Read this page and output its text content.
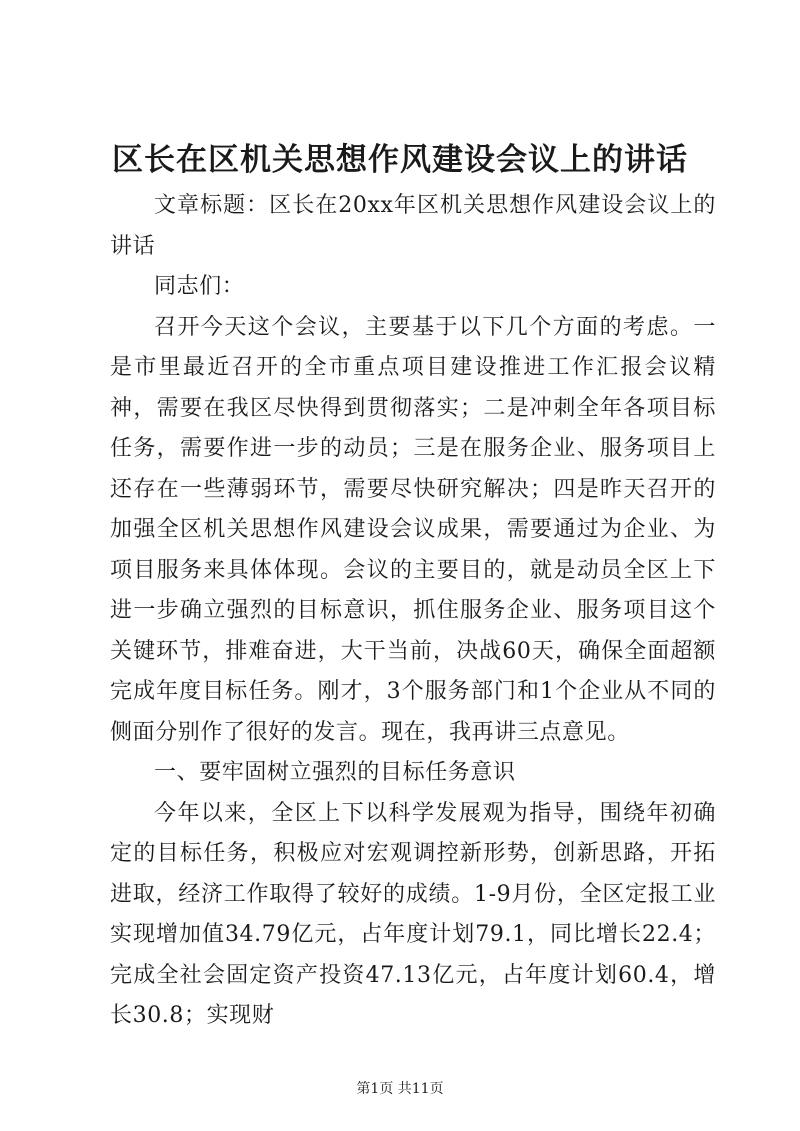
区长在区机关思想作风建设会议上的讲话

文章标题：区长在20xx年区机关思想作风建设会议上的讲话

同志们：

召开今天这个会议，主要基于以下几个方面的考虑。一是市里最近召开的全市重点项目建设推进工作汇报会议精神，需要在我区尽快得到贯彻落实；二是冲刺全年各项目标任务，需要作进一步的动员；三是在服务企业、服务项目上还存在一些薄弱环节，需要尽快研究解决；四是昨天召开的加强全区机关思想作风建设会议成果，需要通过为企业、为项目服务来具体体现。会议的主要目的，就是动员全区上下进一步确立强烈的目标意识，抓住服务企业、服务项目这个关键环节，排难奋进，大干当前，决战60天，确保全面超额完成年度目标任务。刚才，3个服务部门和1个企业从不同的侧面分别作了很好的发言。现在，我再讲三点意见。

一、要牢固树立强烈的目标任务意识

今年以来，全区上下以科学发展观为指导，围绕年初确定的目标任务，积极应对宏观调控新形势，创新思路，开拓进取，经济工作取得了较好的成绩。1-9月份，全区定报工业实现增加值34.79亿元，占年度计划79.1，同比增长22.4；完成全社会固定资产投资47.13亿元，占年度计划60.4，增长30.8；实现财

第1页 共11页
